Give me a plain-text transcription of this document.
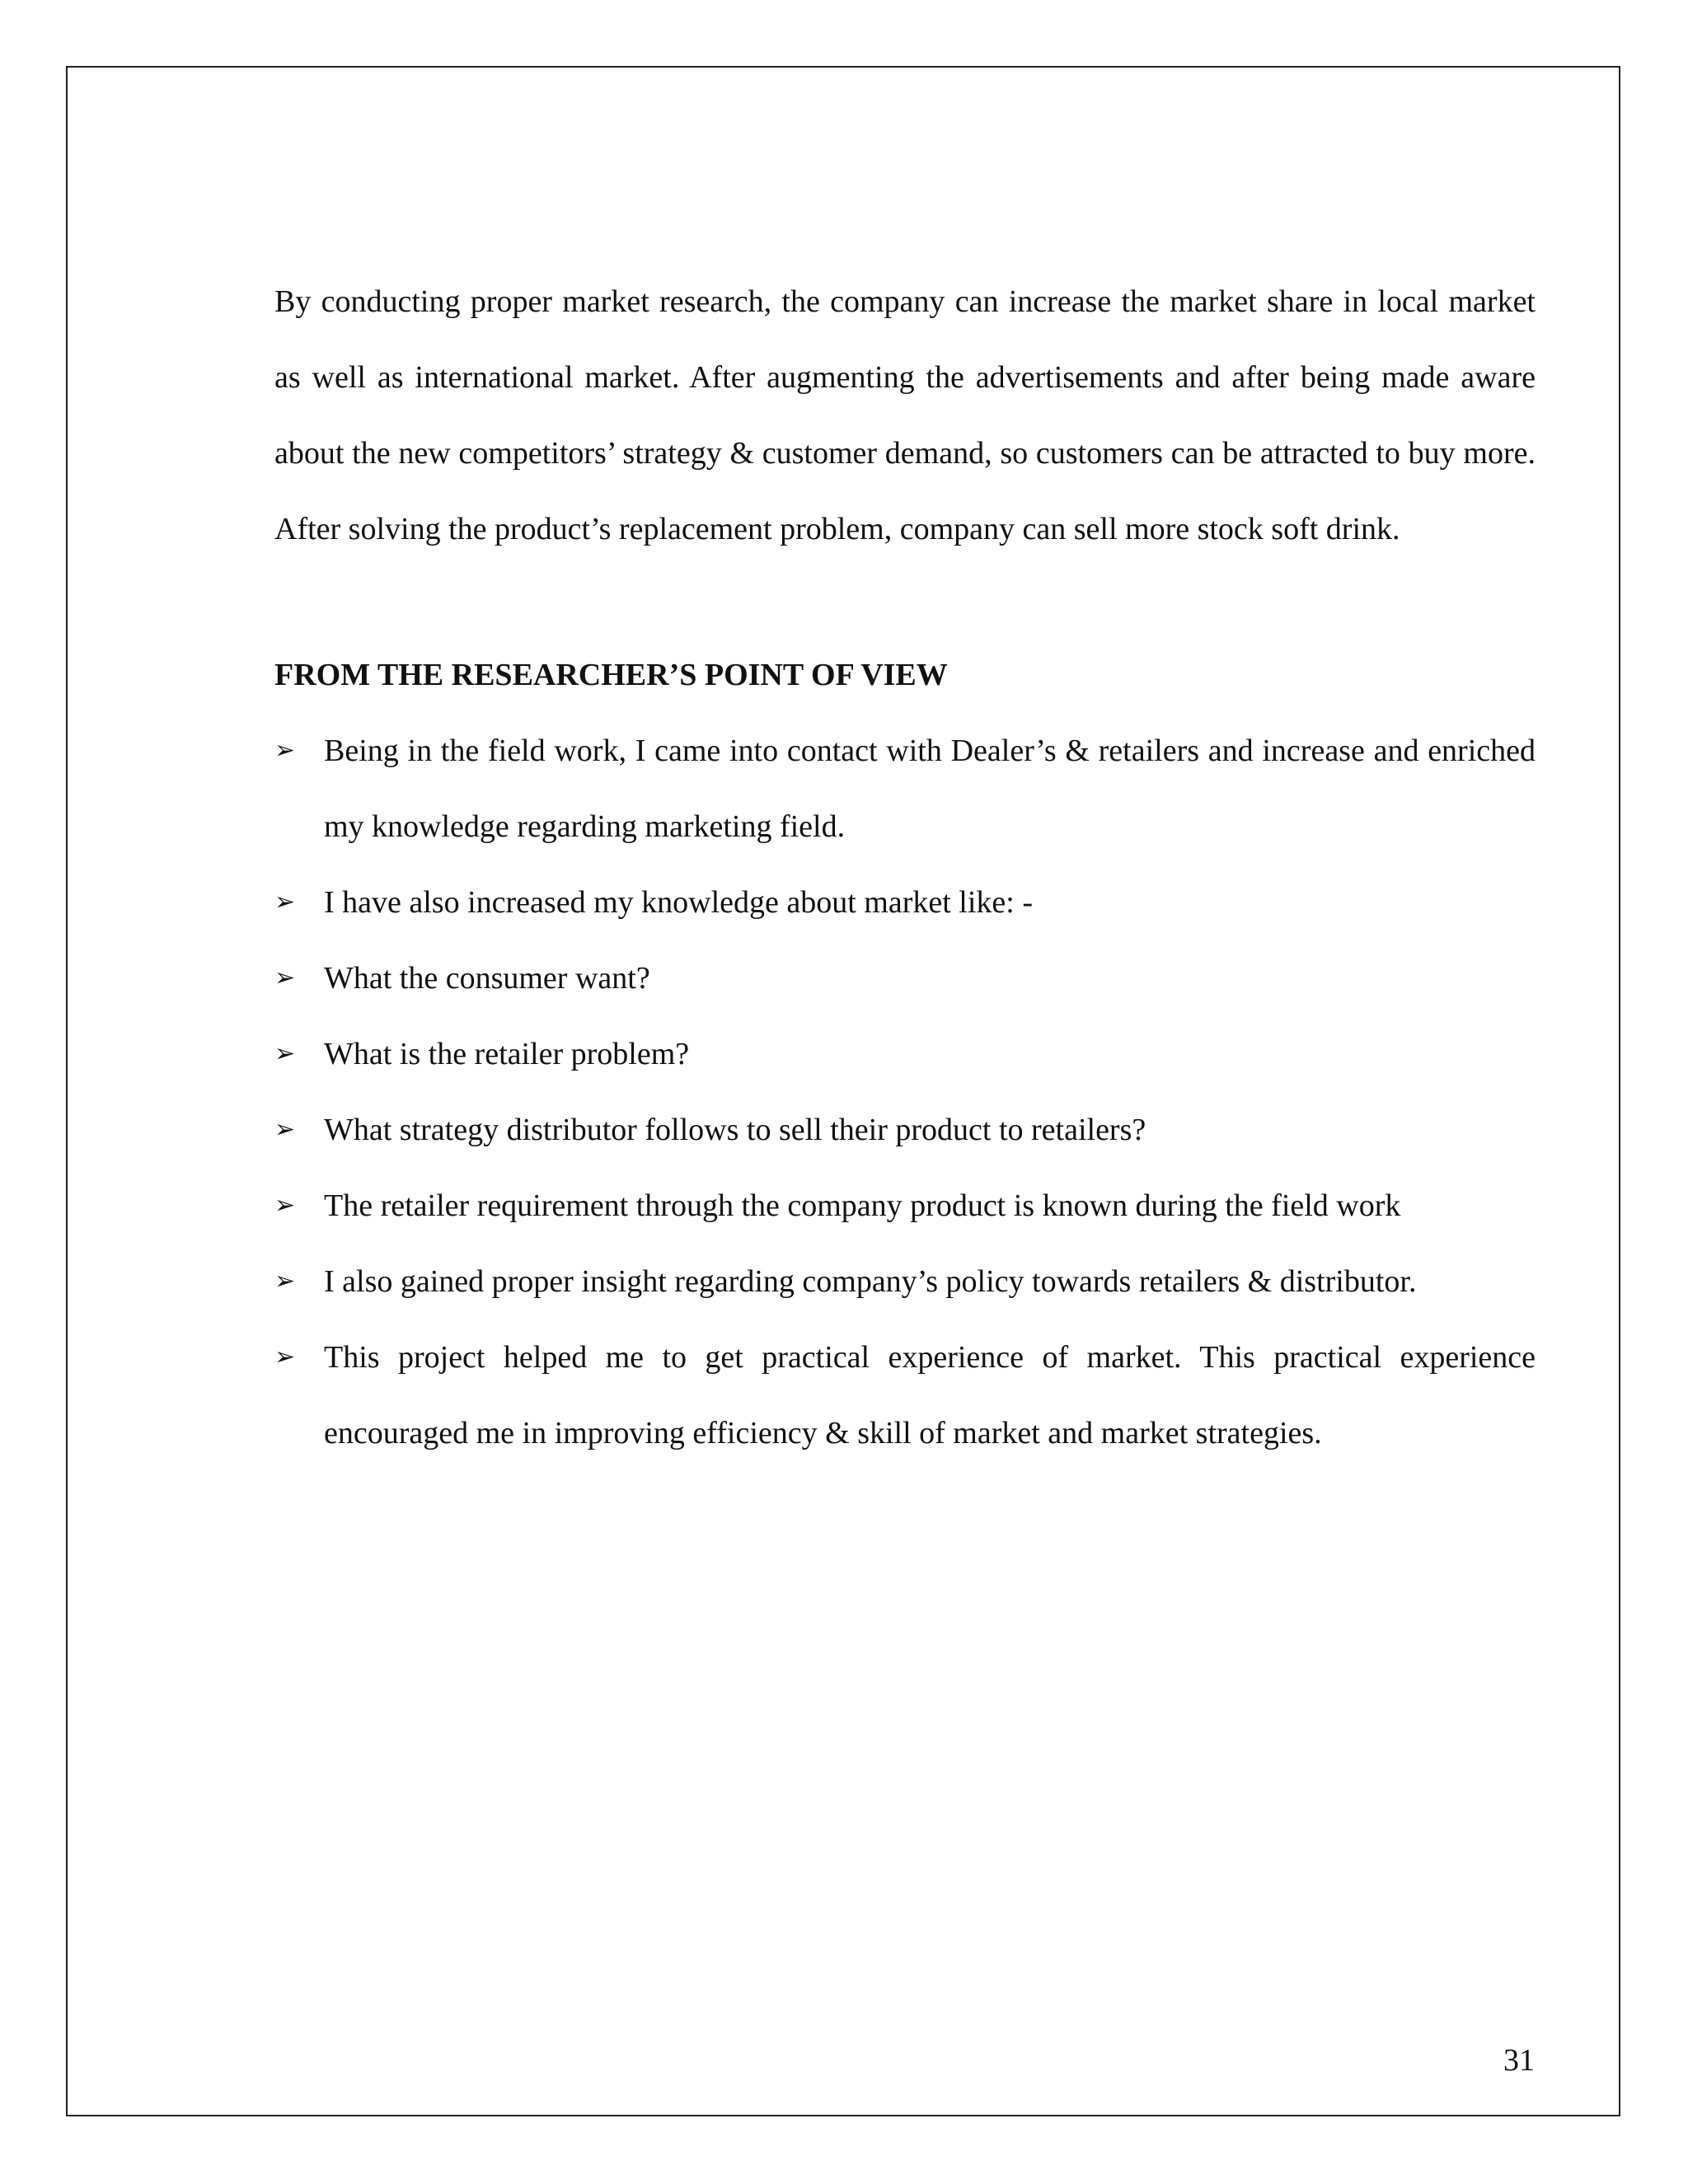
By conducting proper market research, the company can increase the market share in local market as well as international market. After augmenting the advertisements and after being made aware about the new competitors’ strategy & customer demand, so customers can be attracted to buy more. After solving the product’s replacement problem, company can sell more stock soft drink.

FROM THE RESEARCHER’S POINT OF VIEW
➢ Being in the field work, I came into contact with Dealer’s & retailers and increase and enriched my knowledge regarding marketing field.
➢ I have also increased my knowledge about market like: -
➢ What the consumer want?
➢ What is the retailer problem?
➢ What strategy distributor follows to sell their product to retailers?
➢ The retailer requirement through the company product is known during the field work
➢ I also gained proper insight regarding company’s policy towards retailers & distributor.
➢ This project helped me to get practical experience of market. This practical experience encouraged me in improving efficiency & skill of market and market strategies.
31
